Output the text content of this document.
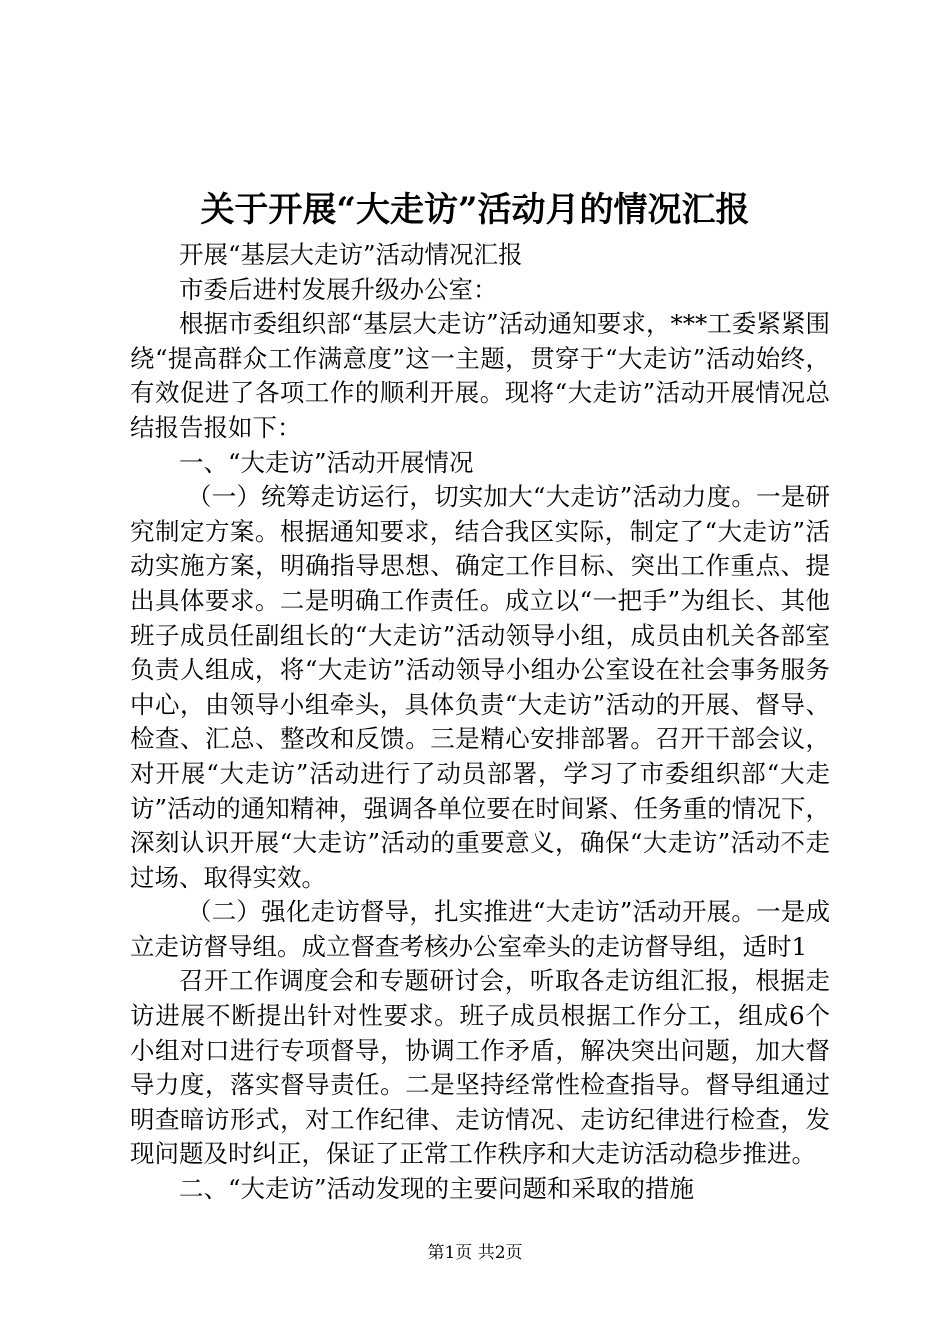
关于开展“大走访”活动月的情况汇报

开展“基层大走访”活动情况汇报

市委后进村发展升级办公室：

根据市委组织部“基层大走访”活动通知要求，***工委紧紧围绕“提高群众工作满意度”这一主题，贯穿于“大走访”活动始终，有效促进了各项工作的顺利开展。现将“大走访”活动开展情况总结报告报如下：

一、“大走访”活动开展情况

（一）统筹走访运行，切实加大“大走访”活动力度。一是研究制定方案。根据通知要求，结合我区实际，制定了“大走访”活动实施方案，明确指导思想、确定工作目标、突出工作重点、提出具体要求。二是明确工作责任。成立以“一把手”为组长、其他班子成员任副组长的“大走访”活动领导小组，成员由机关各部室负责人组成，将“大走访”活动领导小组办公室设在社会事务服务中心，由领导小组牵头，具体负责“大走访”活动的开展、督导、检查、汇总、整改和反馈。三是精心安排部署。召开干部会议，对开展“大走访”活动进行了动员部署，学习了市委组织部“大走访”活动的通知精神，强调各单位要在时间紧、任务重的情况下，深刻认识开展“大走访”活动的重要意义，确保“大走访”活动不走过场、取得实效。

（二）强化走访督导，扎实推进“大走访”活动开展。一是成立走访督导组。成立督查考核办公室牵头的走访督导组，适时1

召开工作调度会和专题研讨会，听取各走访组汇报，根据走访进展不断提出针对性要求。班子成员根据工作分工，组成6个小组对口进行专项督导，协调工作矛盾，解决突出问题，加大督导力度，落实督导责任。二是坚持经常性检查指导。督导组通过明查暗访形式，对工作纪律、走访情况、走访纪律进行检查，发现问题及时纠正，保证了正常工作秩序和大走访活动稳步推进。

二、“大走访”活动发现的主要问题和采取的措施

第1页 共2页
